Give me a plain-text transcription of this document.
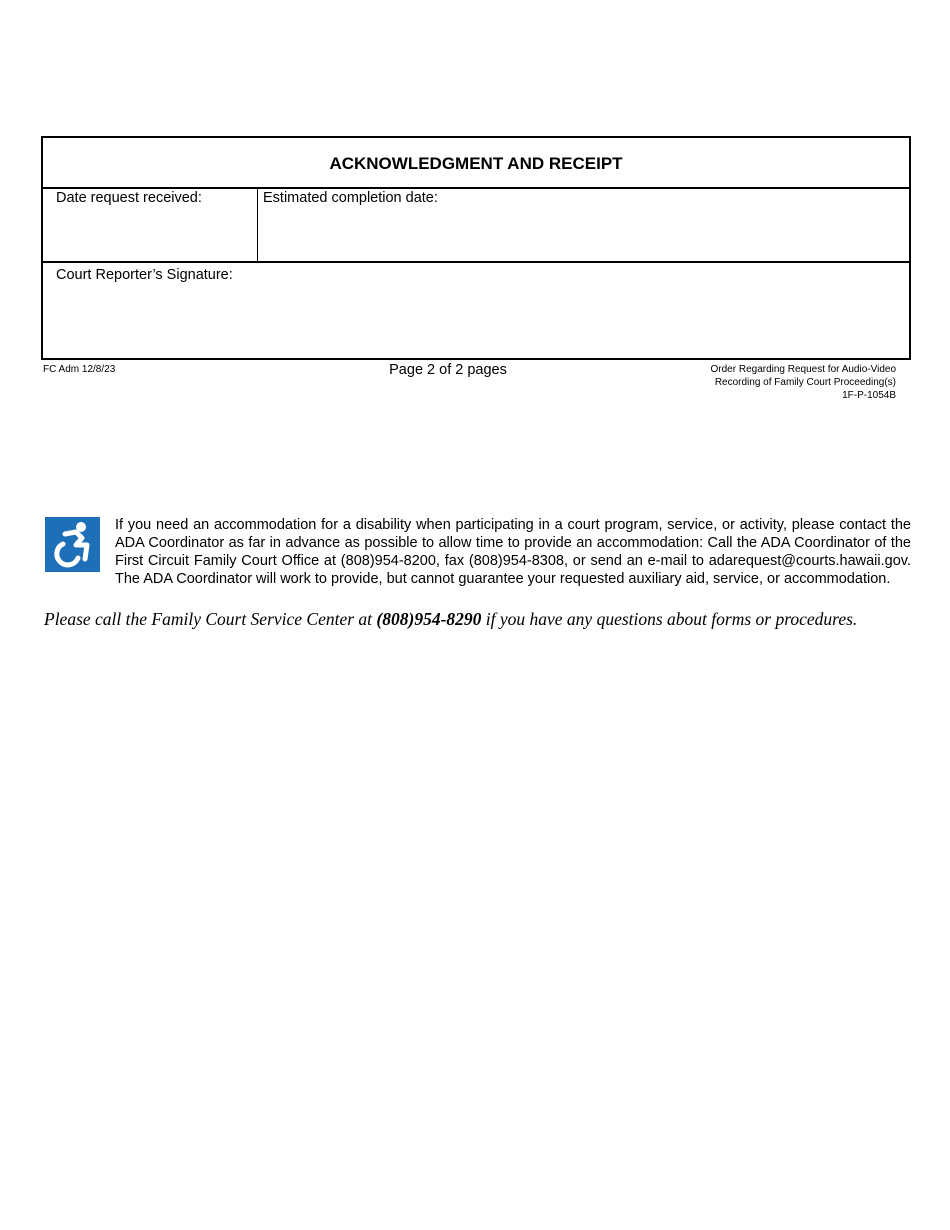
ACKNOWLEDGMENT AND RECEIPT
Date request received:	Estimated completion date:
Court Reporter’s Signature:
FC Adm 12/8/23	Page 2 of 2 pages	Order Regarding Request for Audio-Video
Recording of Family Court Proceeding(s)
1F-P-1054B
If you need an accommodation for a disability when participating in a court program, service, or activity, please contact the ADA Coordinator as far in advance as possible to allow time to provide an accommodation: Call the ADA Coordinator of the First Circuit Family Court Office at (808)954-8200, fax (808)954-8308, or send an e-mail to adarequest@courts.hawaii.gov. The ADA Coordinator will work to provide, but cannot guarantee your requested auxiliary aid, service, or accommodation.
Please call the Family Court Service Center at (808)954-8290 if you have any questions about forms or procedures.
